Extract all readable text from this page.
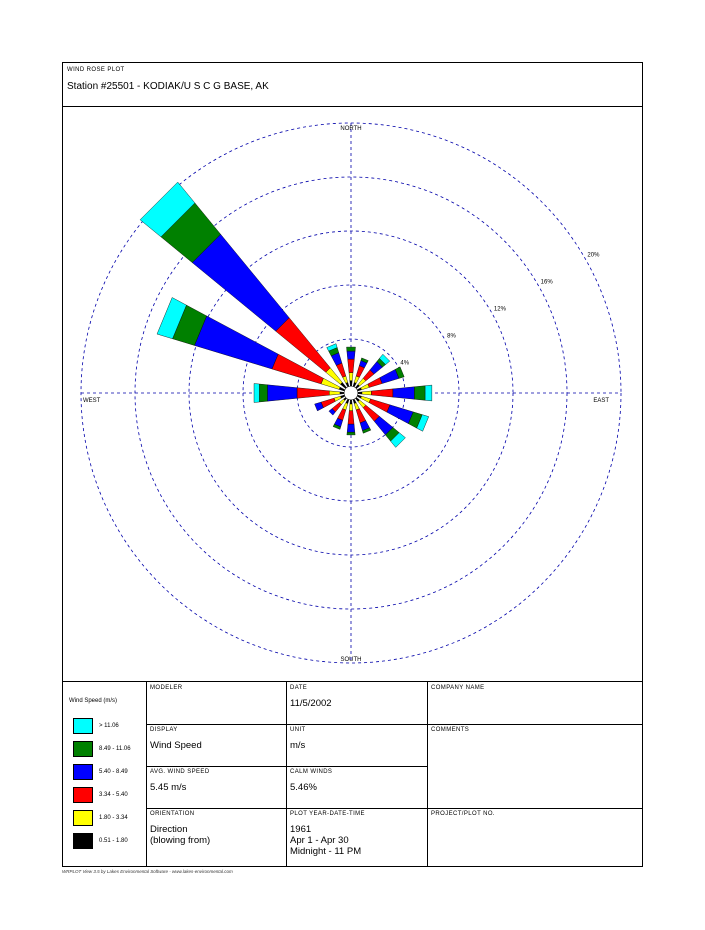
WIND ROSE PLOT
Station #25501 - KODIAK/U S C G BASE, AK
4%
8%
12%
16%
20%
NORTH
SOUTH
EAST
WEST
Wind Speed (m/s)
> 11.06
8.49 - 11.06
5.40 - 8.49
3.34 - 5.40
1.80 - 3.34
0.51 - 1.80
MODELER	DATE
11/5/2002
COMPANY NAME
DISPLAY
Wind Speed
UNIT
m/s
COMMENTS
AVG. WIND SPEED
5.45 m/s
CALM WINDS
5.46%
ORIENTATION
Direction
(blowing from)
PLOT YEAR-DATE-TIME
1961
Apr 1 - Apr 30
Midnight - 11 PM
PROJECT/PLOT NO.
WRPLOT View 3.5 by Lakes Environmental Software - www.lakes-environmental.com
